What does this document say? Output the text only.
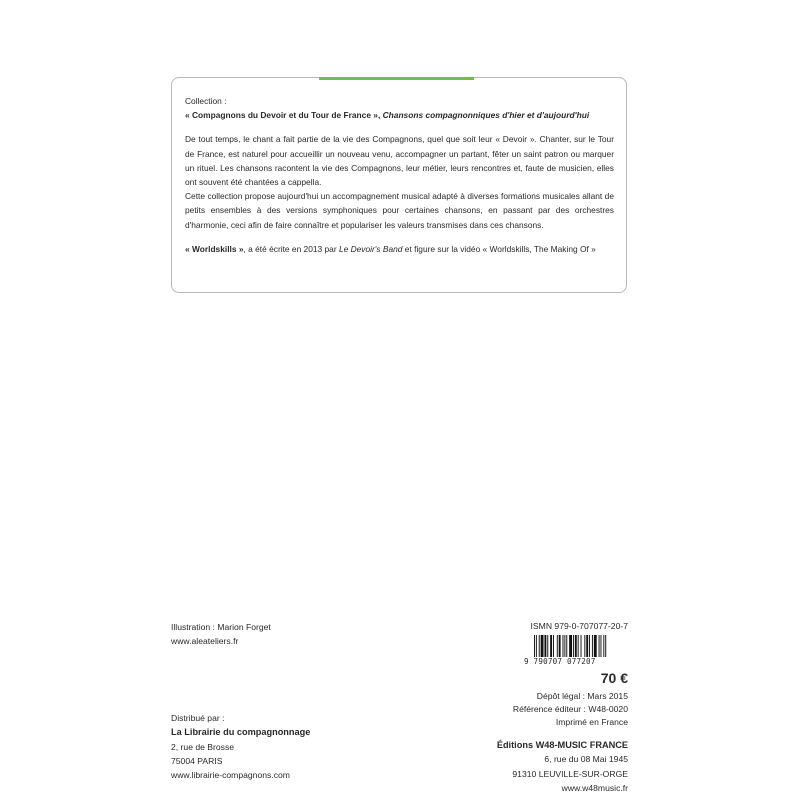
Collection :
« Compagnons du Devoir et du Tour de France », Chansons compagnonniques d'hier et d'aujourd'hui

De tout temps, le chant a fait partie de la vie des Compagnons, quel que soit leur « Devoir ». Chanter, sur le Tour de France, est naturel pour accueillir un nouveau venu, accompagner un partant, fêter un saint patron ou marquer un rituel. Les chansons racontent la vie des Compagnons, leur métier, leurs rencontres et, faute de musicien, elles ont souvent été chantées a cappella.

Cette collection propose aujourd'hui un accompagnement musical adapté à diverses formations musicales allant de petits ensembles à des versions symphoniques pour certaines chansons, en passant par des orchestres d'harmonie, ceci afin de faire connaître et populariser les valeurs transmises dans ces chansons.

« Worldskills », a été écrite en 2013 par Le Devoir's Band et figure sur la vidéo « Worldskills, The Making Of »

Illustration : Marion Forget
www.aleateliers.fr
Distribué par :
La Librairie du compagnonnage
2, rue de Brosse
75004 PARIS
www.librairie-compagnons.com
ISMN 979-0-707077-20-7
9 790707 077207
70 €
Dépôt légal : Mars 2015
Référence éditeur : W48-0020
Imprimé en France
Éditions W48-MUSIC FRANCE
6, rue du 08 Mai 1945
91310 LEUVILLE-SUR-ORGE
www.w48music.fr
